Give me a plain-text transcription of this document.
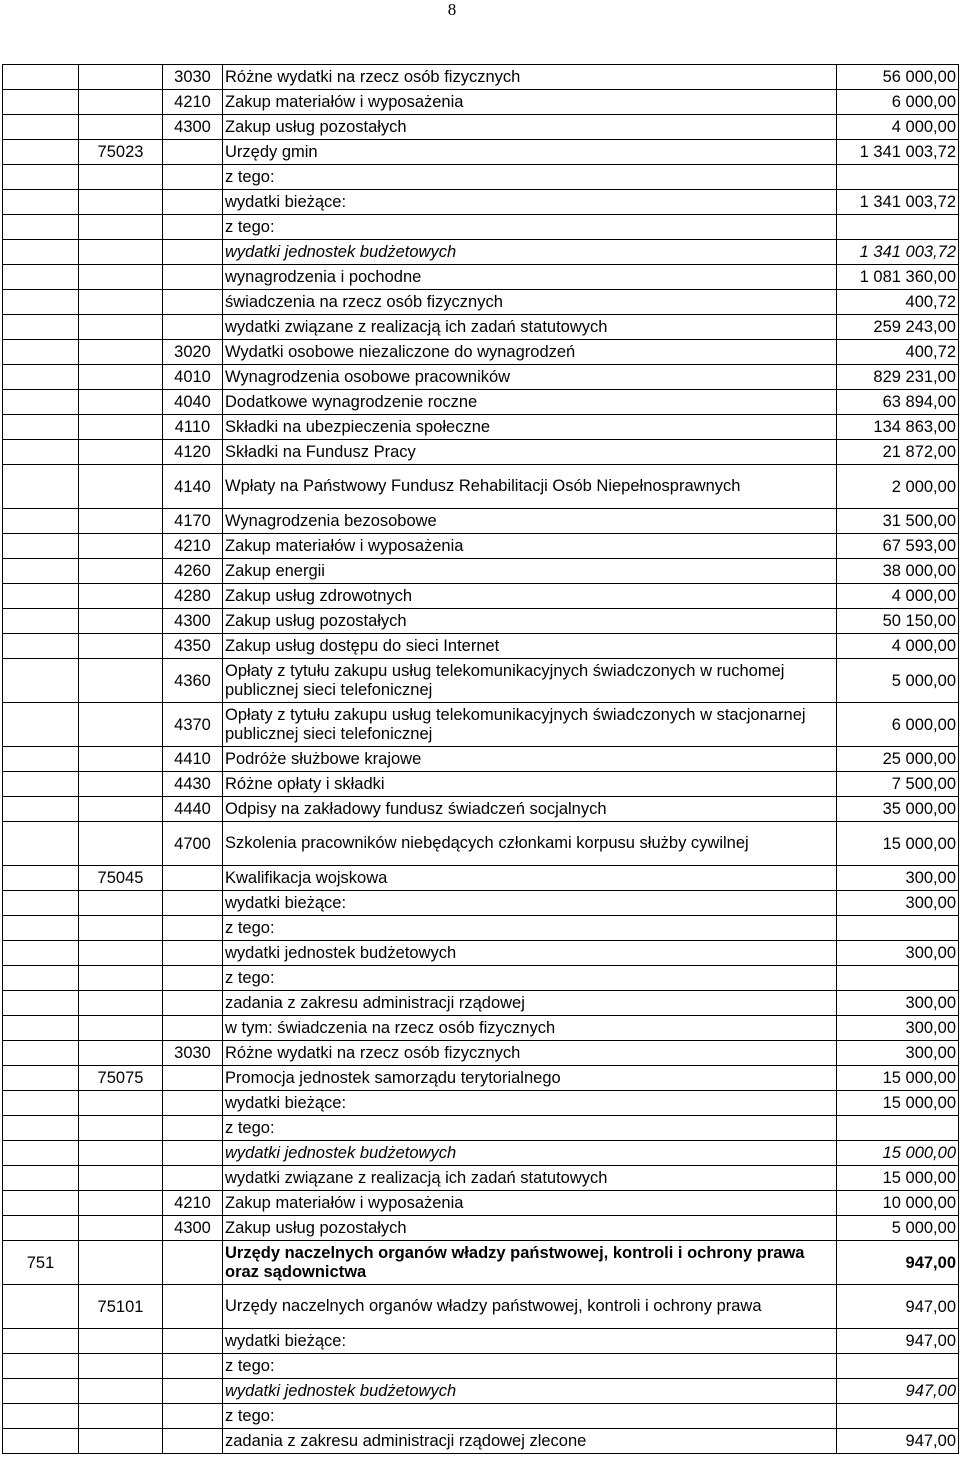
8
		3030	Różne wydatki na rzecz osób fizycznych	56 000,00
		4210	Zakup materiałów i wyposażenia	6 000,00
		4300	Zakup usług pozostałych	4 000,00
	75023		Urzędy gmin	1 341 003,72
			z tego:	
			wydatki bieżące:	1 341 003,72
			z tego:	
			wydatki jednostek budżetowych	1 341 003,72
			wynagrodzenia i pochodne	1 081 360,00
			świadczenia na rzecz osób fizycznych	400,72
			wydatki związane z realizacją ich zadań statutowych	259 243,00
		3020	Wydatki osobowe niezaliczone do wynagrodzeń	400,72
		4010	Wynagrodzenia osobowe pracowników	829 231,00
		4040	Dodatkowe wynagrodzenie roczne	63 894,00
		4110	Składki na ubezpieczenia społeczne	134 863,00
		4120	Składki na Fundusz Pracy	21 872,00
		4140	Wpłaty na Państwowy Fundusz Rehabilitacji Osób Niepełnosprawnych	2 000,00
		4170	Wynagrodzenia bezosobowe	31 500,00
		4210	Zakup materiałów i wyposażenia	67 593,00
		4260	Zakup energii	38 000,00
		4280	Zakup usług zdrowotnych	4 000,00
		4300	Zakup usług pozostałych	50 150,00
		4350	Zakup usług dostępu do sieci Internet	4 000,00
		4360	Opłaty z tytułu zakupu usług telekomunikacyjnych świadczonych w ruchomej publicznej sieci telefonicznej	5 000,00
		4370	Opłaty z tytułu zakupu usług telekomunikacyjnych świadczonych w stacjonarnej publicznej sieci telefonicznej	6 000,00
		4410	Podróże służbowe krajowe	25 000,00
		4430	Różne opłaty i składki	7 500,00
		4440	Odpisy na zakładowy fundusz świadczeń socjalnych	35 000,00
		4700	Szkolenia pracowników niebędących członkami korpusu służby cywilnej	15 000,00
	75045		Kwalifikacja wojskowa	300,00
			wydatki bieżące:	300,00
			z tego:	
			wydatki jednostek budżetowych	300,00
			z tego:	
			zadania z zakresu administracji rządowej	300,00
			w tym: świadczenia na rzecz osób fizycznych	300,00
		3030	Różne wydatki na rzecz osób fizycznych	300,00
	75075		Promocja jednostek samorządu terytorialnego	15 000,00
			wydatki bieżące:	15 000,00
			z tego:	
			wydatki jednostek budżetowych	15 000,00
			wydatki związane z realizacją ich zadań statutowych	15 000,00
		4210	Zakup materiałów i wyposażenia	10 000,00
		4300	Zakup usług pozostałych	5 000,00
751			Urzędy naczelnych organów władzy państwowej, kontroli i ochrony prawa oraz sądownictwa	947,00
	75101		Urzędy naczelnych organów władzy państwowej, kontroli i ochrony prawa	947,00
			wydatki bieżące:	947,00
			z tego:	
			wydatki jednostek budżetowych	947,00
			z tego:	
			zadania z zakresu administracji rządowej zlecone	947,00
